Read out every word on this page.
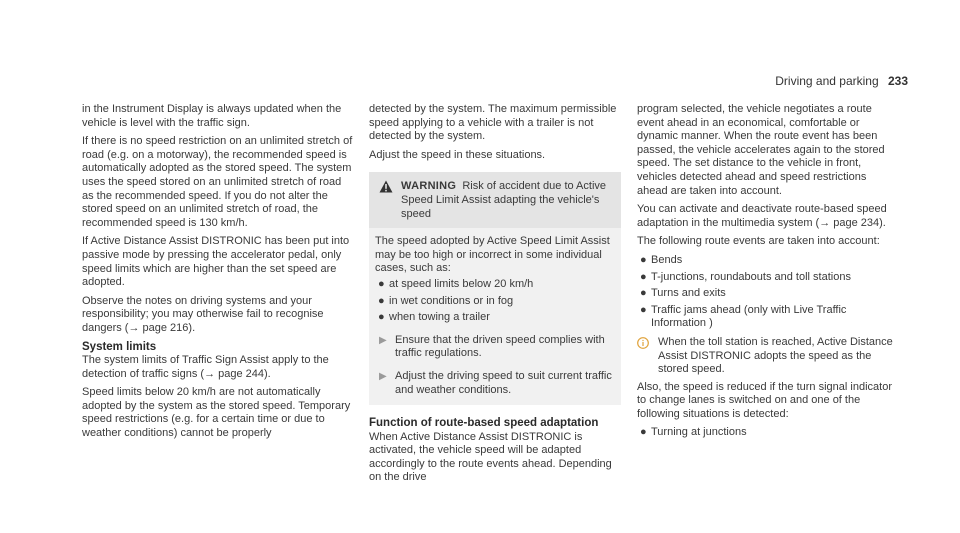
Driving and parking 233

in the Instrument Display is always updated when the vehicle is level with the traffic sign.

If there is no speed restriction on an unlimited stretch of road (e.g. on a motorway), the recommended speed is automatically adopted as the stored speed. The system uses the speed stored on an unlimited stretch of road as the recommended speed. If you do not alter the stored speed on an unlimited stretch of road, the recommended speed is 130 km/h.

If Active Distance Assist DISTRONIC has been put into passive mode by pressing the accelerator pedal, only speed limits which are higher than the set speed are adopted.

Observe the notes on driving systems and your responsibility; you may otherwise fail to recognise dangers (→ page 216).

System limits

The system limits of Traffic Sign Assist apply to the detection of traffic signs (→ page 244).

Speed limits below 20 km/h are not automatically adopted by the system as the stored speed. Temporary speed restrictions (e.g. for a certain time or due to weather conditions) cannot be properly

detected by the system. The maximum permissible speed applying to a vehicle with a trailer is not detected by the system.

Adjust the speed in these situations.

WARNING Risk of accident due to Active Speed Limit Assist adapting the vehicle's speed
The speed adopted by Active Speed Limit Assist may be too high or incorrect in some individual cases, such as:
● at speed limits below 20 km/h
● in wet conditions or in fog
● when towing a trailer
▶ Ensure that the driven speed complies with traffic regulations.
▶ Adjust the driving speed to suit current traffic and weather conditions.
Function of route-based speed adaptation

When Active Distance Assist DISTRONIC is activated, the vehicle speed will be adapted accordingly to the route events ahead. Depending on the drive

program selected, the vehicle negotiates a route event ahead in an economical, comfortable or dynamic manner. When the route event has been passed, the vehicle accelerates again to the stored speed. The set distance to the vehicle in front, vehicles detected ahead and speed restrictions ahead are taken into account.

You can activate and deactivate route-based speed adaptation in the multimedia system (→ page 234).

The following route events are taken into account:

● Bends
● T-junctions, roundabouts and toll stations
● Turns and exits
● Traffic jams ahead (only with Live Traffic Information )
When the toll station is reached, Active Distance Assist DISTRONIC adopts the speed as the stored speed.

Also, the speed is reduced if the turn signal indicator to change lanes is switched on and one of the following situations is detected:

● Turning at junctions
